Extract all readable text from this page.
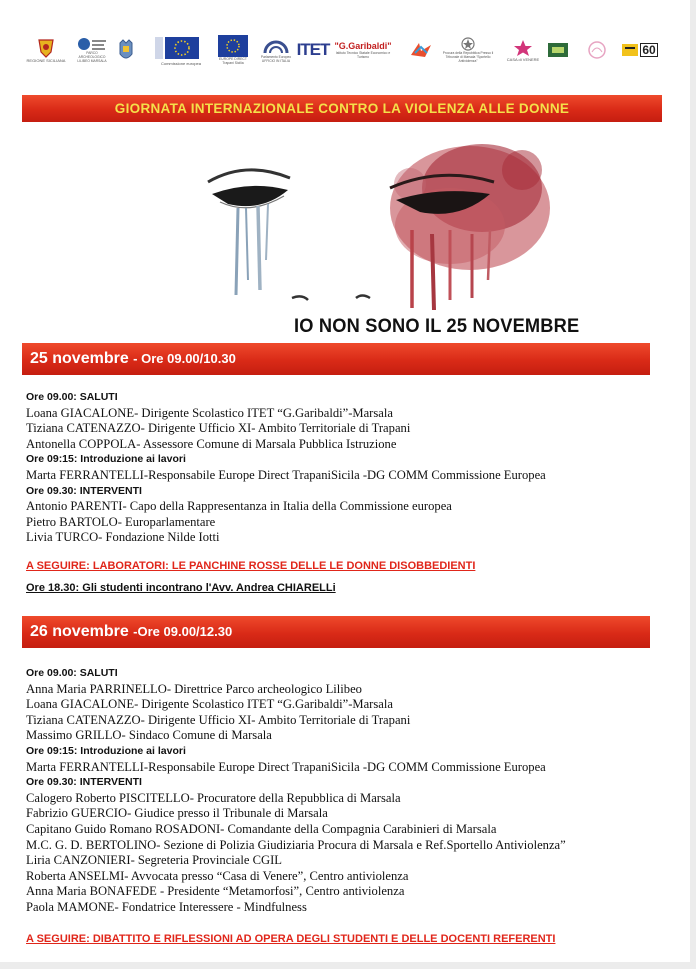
REGIONE SICILIANA
PARCO ARCHEOLOGICO LILIBEO MARSALA	Commissione europea
EUROPE DIRECT Trapani Sicilia
Parlamento Europeo UFFICIO IN ITALIA
ITET "G.Garibaldi"
Istituto Tecnico Statale Economico e Turismo
Procura della Repubblica Presso il Tribunale di Marsala "Sportello Antiviolenza"	CASA di VENERE
60
GIORNATA INTERNAZIONALE CONTRO LA VIOLENZA ALLE DONNE
IO NON SONO IL 25 NOVEMBRE
25 novembre - Ore 09.00/10.30
Ore 09.00: SALUTI
Loana GIACALONE- Dirigente Scolastico ITET “G.Garibaldi”-Marsala
Tiziana CATENAZZO- Dirigente Ufficio XI- Ambito Territoriale di Trapani
Antonella COPPOLA- Assessore Comune di Marsala Pubblica Istruzione
Ore 09:15: Introduzione ai lavori
Marta FERRANTELLI-Responsabile Europe Direct TrapaniSicila -DG COMM Commissione Europea
Ore 09.30: INTERVENTI
Antonio PARENTI- Capo della Rappresentanza in Italia della Commissione europea
Pietro BARTOLO- Europarlamentare
Livia TURCO- Fondazione Nilde Iotti
A SEGUIRE: LABORATORI: LE PANCHINE ROSSE DELLE LE DONNE DISOBBEDIENTI
Ore 18.30: Gli studenti incontrano l'Avv. Andrea CHIARELLi
26 novembre -Ore 09.00/12.30
Ore 09.00: SALUTI
Anna Maria PARRINELLO- Direttrice Parco archeologico Lilibeo
Loana GIACALONE- Dirigente Scolastico ITET “G.Garibaldi”-Marsala
Tiziana CATENAZZO- Dirigente Ufficio XI- Ambito Territoriale di Trapani
Massimo GRILLO- Sindaco Comune di Marsala
Ore 09:15: Introduzione ai lavori
Marta FERRANTELLI-Responsabile Europe Direct TrapaniSicila -DG COMM Commissione Europea
Ore 09.30: INTERVENTI
Calogero Roberto PISCITELLO- Procuratore della Repubblica di Marsala
Fabrizio GUERCIO- Giudice presso il Tribunale di Marsala
Capitano Guido Romano ROSADONI- Comandante della Compagnia Carabinieri di Marsala
M.C. G. D. BERTOLINO- Sezione di Polizia Giudiziaria Procura di Marsala e Ref.Sportello Antiviolenza”
Liria CANZONIERI- Segreteria Provinciale CGIL
Roberta ANSELMI- Avvocata presso “Casa di Venere”, Centro antiviolenza
Anna Maria BONAFEDE - Presidente “Metamorfosi”, Centro antiviolenza
Paola MAMONE- Fondatrice Interessere - Mindfulness
A SEGUIRE: DIBATTITO E RIFLESSIONI AD OPERA DEGLI STUDENTI E DELLE DOCENTI REFERENTI
